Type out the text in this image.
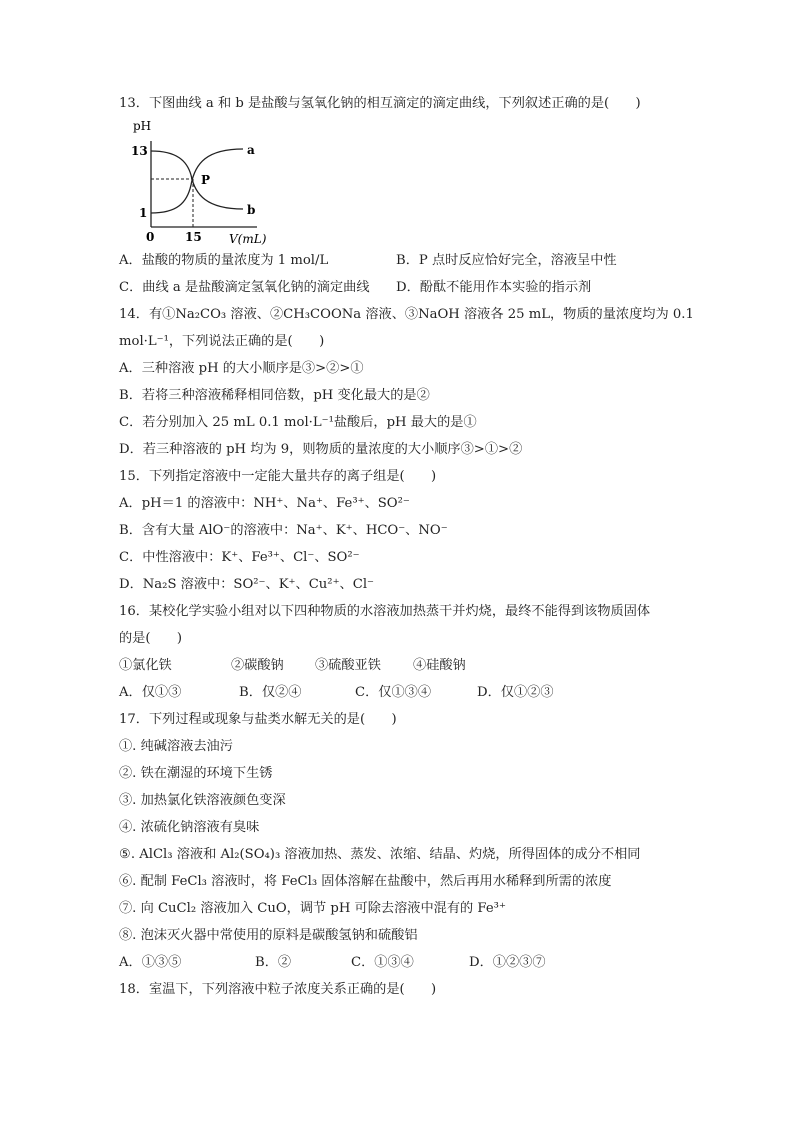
13．下图曲线 a 和 b 是盐酸与氢氧化钠的相互滴定的滴定曲线，下列叙述正确的是(　　)
pH
13
1
0	15 V(mL)
a
b
P
A．盐酸的物质的量浓度为 1 mol/L	B．P 点时反应恰好完全，溶液呈中性
C．曲线 a 是盐酸滴定氢氧化钠的滴定曲线	D．酚酞不能用作本实验的指示剂
14．有①Na₂CO₃ 溶液、②CH₃COONa 溶液、③NaOH 溶液各 25 mL，物质的量浓度均为 0.1
mol·L⁻¹，下列说法正确的是(　　)
A．三种溶液 pH 的大小顺序是③>②>①
B．若将三种溶液稀释相同倍数，pH 变化最大的是②
C．若分别加入 25 mL 0.1 mol·L⁻¹盐酸后，pH 最大的是①
D．若三种溶液的 pH 均为 9，则物质的量浓度的大小顺序③>①>②
15．下列指定溶液中一定能大量共存的离子组是(　　)
A．pH＝1 的溶液中：NH⁺、Na⁺、Fe³⁺、SO²⁻
B．含有大量 AlO⁻的溶液中：Na⁺、K⁺、HCO⁻、NO⁻
C．中性溶液中：K⁺、Fe³⁺、Cl⁻、SO²⁻
D．Na₂S 溶液中：SO²⁻、K⁺、Cu²⁺、Cl⁻
16．某校化学实验小组对以下四种物质的水溶液加热蒸干并灼烧，最终不能得到该物质固体
的是(　　)
①氯化铁	②碳酸钠	③硫酸亚铁	④硅酸钠
A．仅①③	B．仅②④	C．仅①③④	D．仅①②③
17．下列过程或现象与盐类水解无关的是(　　)
①. 纯碱溶液去油污
②. 铁在潮湿的环境下生锈
③. 加热氯化铁溶液颜色变深
④. 浓硫化钠溶液有臭味
⑤. AlCl₃ 溶液和 Al₂(SO₄)₃ 溶液加热、蒸发、浓缩、结晶、灼烧，所得固体的成分不相同
⑥. 配制 FeCl₃ 溶液时，将 FeCl₃ 固体溶解在盐酸中，然后再用水稀释到所需的浓度
⑦. 向 CuCl₂ 溶液加入 CuO，调节 pH 可除去溶液中混有的 Fe³⁺
⑧. 泡沫灭火器中常使用的原料是碳酸氢钠和硫酸铝
A．①③⑤	B．②	C．①③④	D．①②③⑦
18．室温下，下列溶液中粒子浓度关系正确的是(　　)
